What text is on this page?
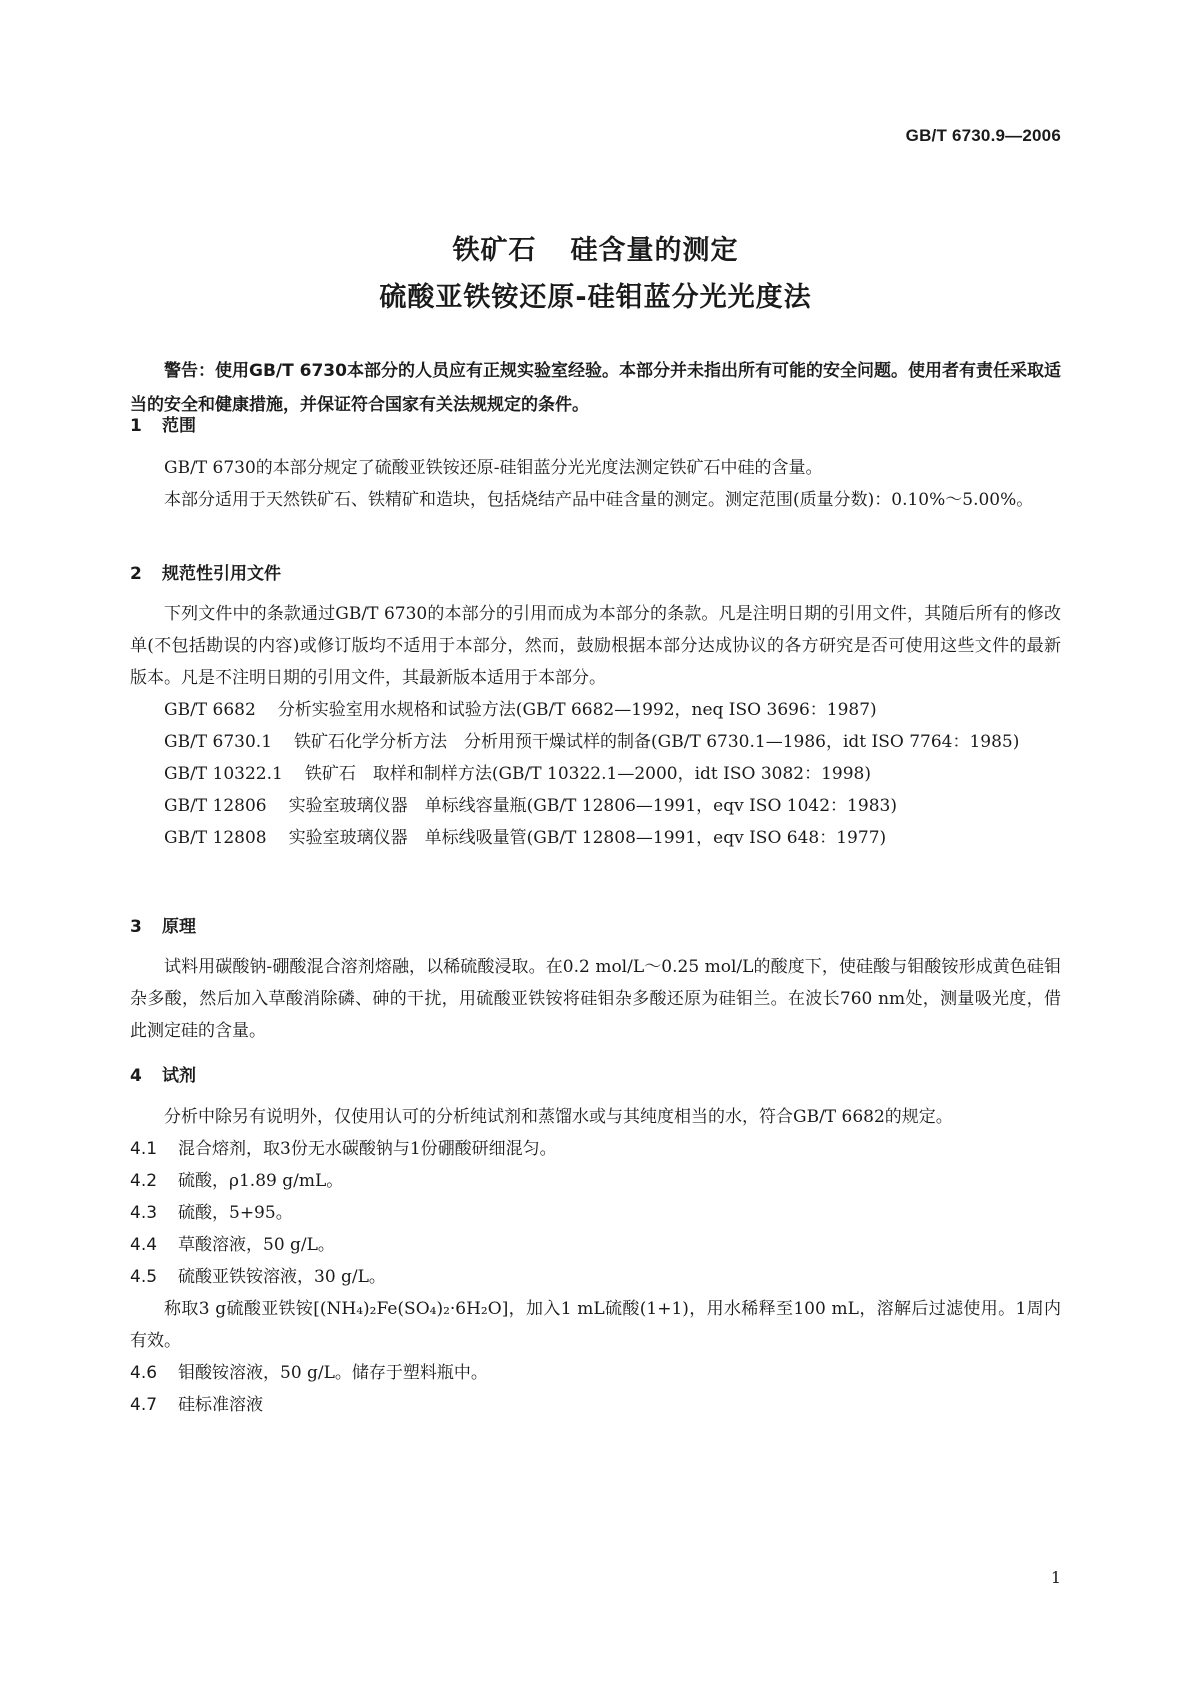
GB/T 6730.9—2006
铁矿石 硅含量的测定
硫酸亚铁铵还原-硅钼蓝分光光度法
警告：使用GB/T 6730本部分的人员应有正规实验室经验。本部分并未指出所有可能的安全问题。使用者有责任采取适当的安全和健康措施，并保证符合国家有关法规规定的条件。
1 范围

GB/T 6730的本部分规定了硫酸亚铁铵还原-硅钼蓝分光光度法测定铁矿石中硅的含量。

本部分适用于天然铁矿石、铁精矿和造块，包括烧结产品中硅含量的测定。测定范围(质量分数)：0.10%～5.00%。

2 规范性引用文件

下列文件中的条款通过GB/T 6730的本部分的引用而成为本部分的条款。凡是注明日期的引用文件，其随后所有的修改单(不包括勘误的内容)或修订版均不适用于本部分，然而，鼓励根据本部分达成协议的各方研究是否可使用这些文件的最新版本。凡是不注明日期的引用文件，其最新版本适用于本部分。

GB/T 6682 分析实验室用水规格和试验方法(GB/T 6682—1992，neq ISO 3696：1987)

GB/T 6730.1 铁矿石化学分析方法　分析用预干燥试样的制备(GB/T 6730.1—1986，idt ISO 7764：1985)

GB/T 10322.1 铁矿石　取样和制样方法(GB/T 10322.1—2000，idt ISO 3082：1998)

GB/T 12806 实验室玻璃仪器　单标线容量瓶(GB/T 12806—1991，eqv ISO 1042：1983)

GB/T 12808 实验室玻璃仪器　单标线吸量管(GB/T 12808—1991，eqv ISO 648：1977)

3 原理

试料用碳酸钠-硼酸混合溶剂熔融，以稀硫酸浸取。在0.2 mol/L～0.25 mol/L的酸度下，使硅酸与钼酸铵形成黄色硅钼杂多酸，然后加入草酸消除磷、砷的干扰，用硫酸亚铁铵将硅钼杂多酸还原为硅钼兰。在波长760 nm处，测量吸光度，借此测定硅的含量。

4 试剂

分析中除另有说明外，仅使用认可的分析纯试剂和蒸馏水或与其纯度相当的水，符合GB/T 6682的规定。

4.1 混合熔剂，取3份无水碳酸钠与1份硼酸研细混匀。

4.2 硫酸，ρ1.89 g/mL。

4.3 硫酸，5+95。

4.4 草酸溶液，50 g/L。

4.5 硫酸亚铁铵溶液，30 g/L。

称取3 g硫酸亚铁铵[(NH₄)₂Fe(SO₄)₂·6H₂O]，加入1 mL硫酸(1+1)，用水稀释至100 mL，溶解后过滤使用。1周内有效。

4.6 钼酸铵溶液，50 g/L。储存于塑料瓶中。

4.7 硅标准溶液

1
